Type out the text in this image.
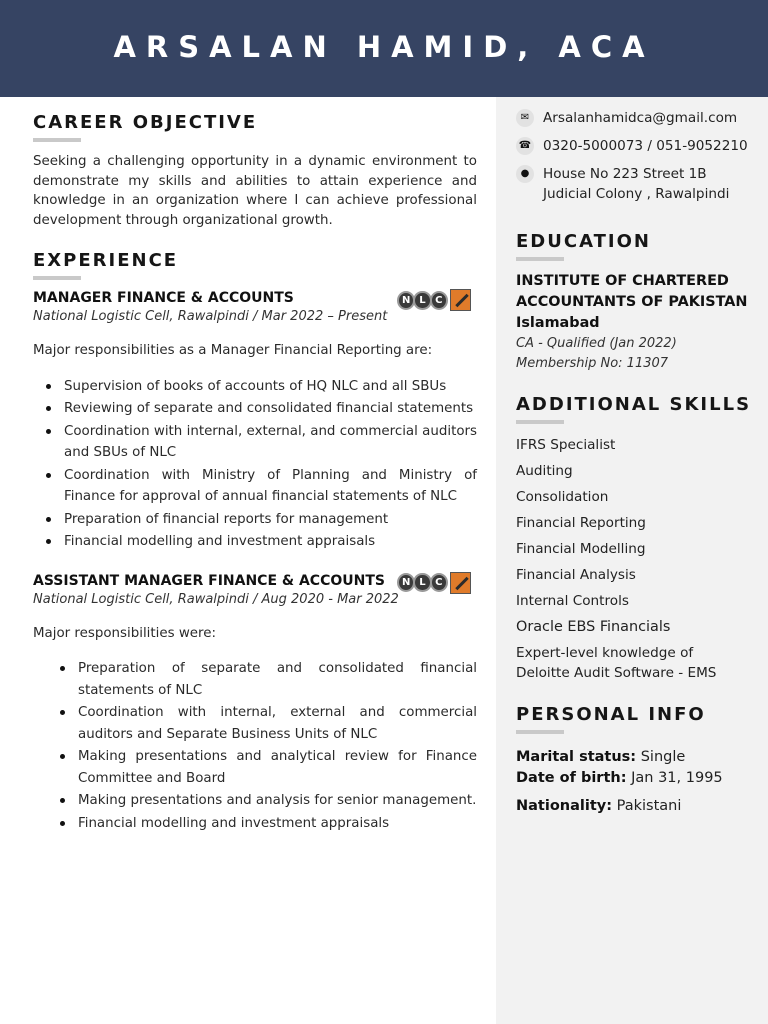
ARSALAN HAMID, ACA
CAREER OBJECTIVE

Seeking a challenging opportunity in a dynamic environment to demonstrate my skills and abilities to attain experience and knowledge in an organization where I can achieve professional development through organizational growth.

EXPERIENCE
N L C
MANAGER FINANCE & ACCOUNTS
National Logistic Cell, Rawalpindi / Mar 2022 – Present
Major responsibilities as a Manager Financial Reporting are:
Supervision of books of accounts of HQ NLC and all SBUs
Reviewing of separate and consolidated financial statements
Coordination with internal, external, and commercial auditors and SBUs of NLC
Coordination with Ministry of Planning and Ministry of Finance for approval of annual financial statements of NLC
Preparation of financial reports for management
Financial modelling and investment appraisals
N L C
ASSISTANT MANAGER FINANCE & ACCOUNTS
National Logistic Cell, Rawalpindi / Aug 2020 - Mar 2022
Major responsibilities were:
Preparation of separate and consolidated financial statements of NLC
Coordination with internal, external and commercial auditors and Separate Business Units of NLC
Making presentations and analytical review for Finance Committee and Board
Making presentations and analysis for senior management.
Financial modelling and investment appraisals
✉	Arsalanhamidca@gmail.com
☎ 0320-5000073 / 051-9052210
●	House No 223 Street 1B
Judicial Colony , Rawalpindi
EDUCATION
INSTITUTE OF CHARTERED
ACCOUNTANTS OF PAKISTAN
Islamabad
CA - Qualified (Jan 2022)
Membership No: 11307
ADDITIONAL SKILLS
IFRS Specialist
Auditing
Consolidation
Financial Reporting
Financial Modelling
Financial Analysis
Internal Controls
Oracle EBS Financials
Expert-level knowledge of
Deloitte Audit Software - EMS
PERSONAL INFO
Marital status: Single
Date of birth: Jan 31, 1995
Nationality: Pakistani
